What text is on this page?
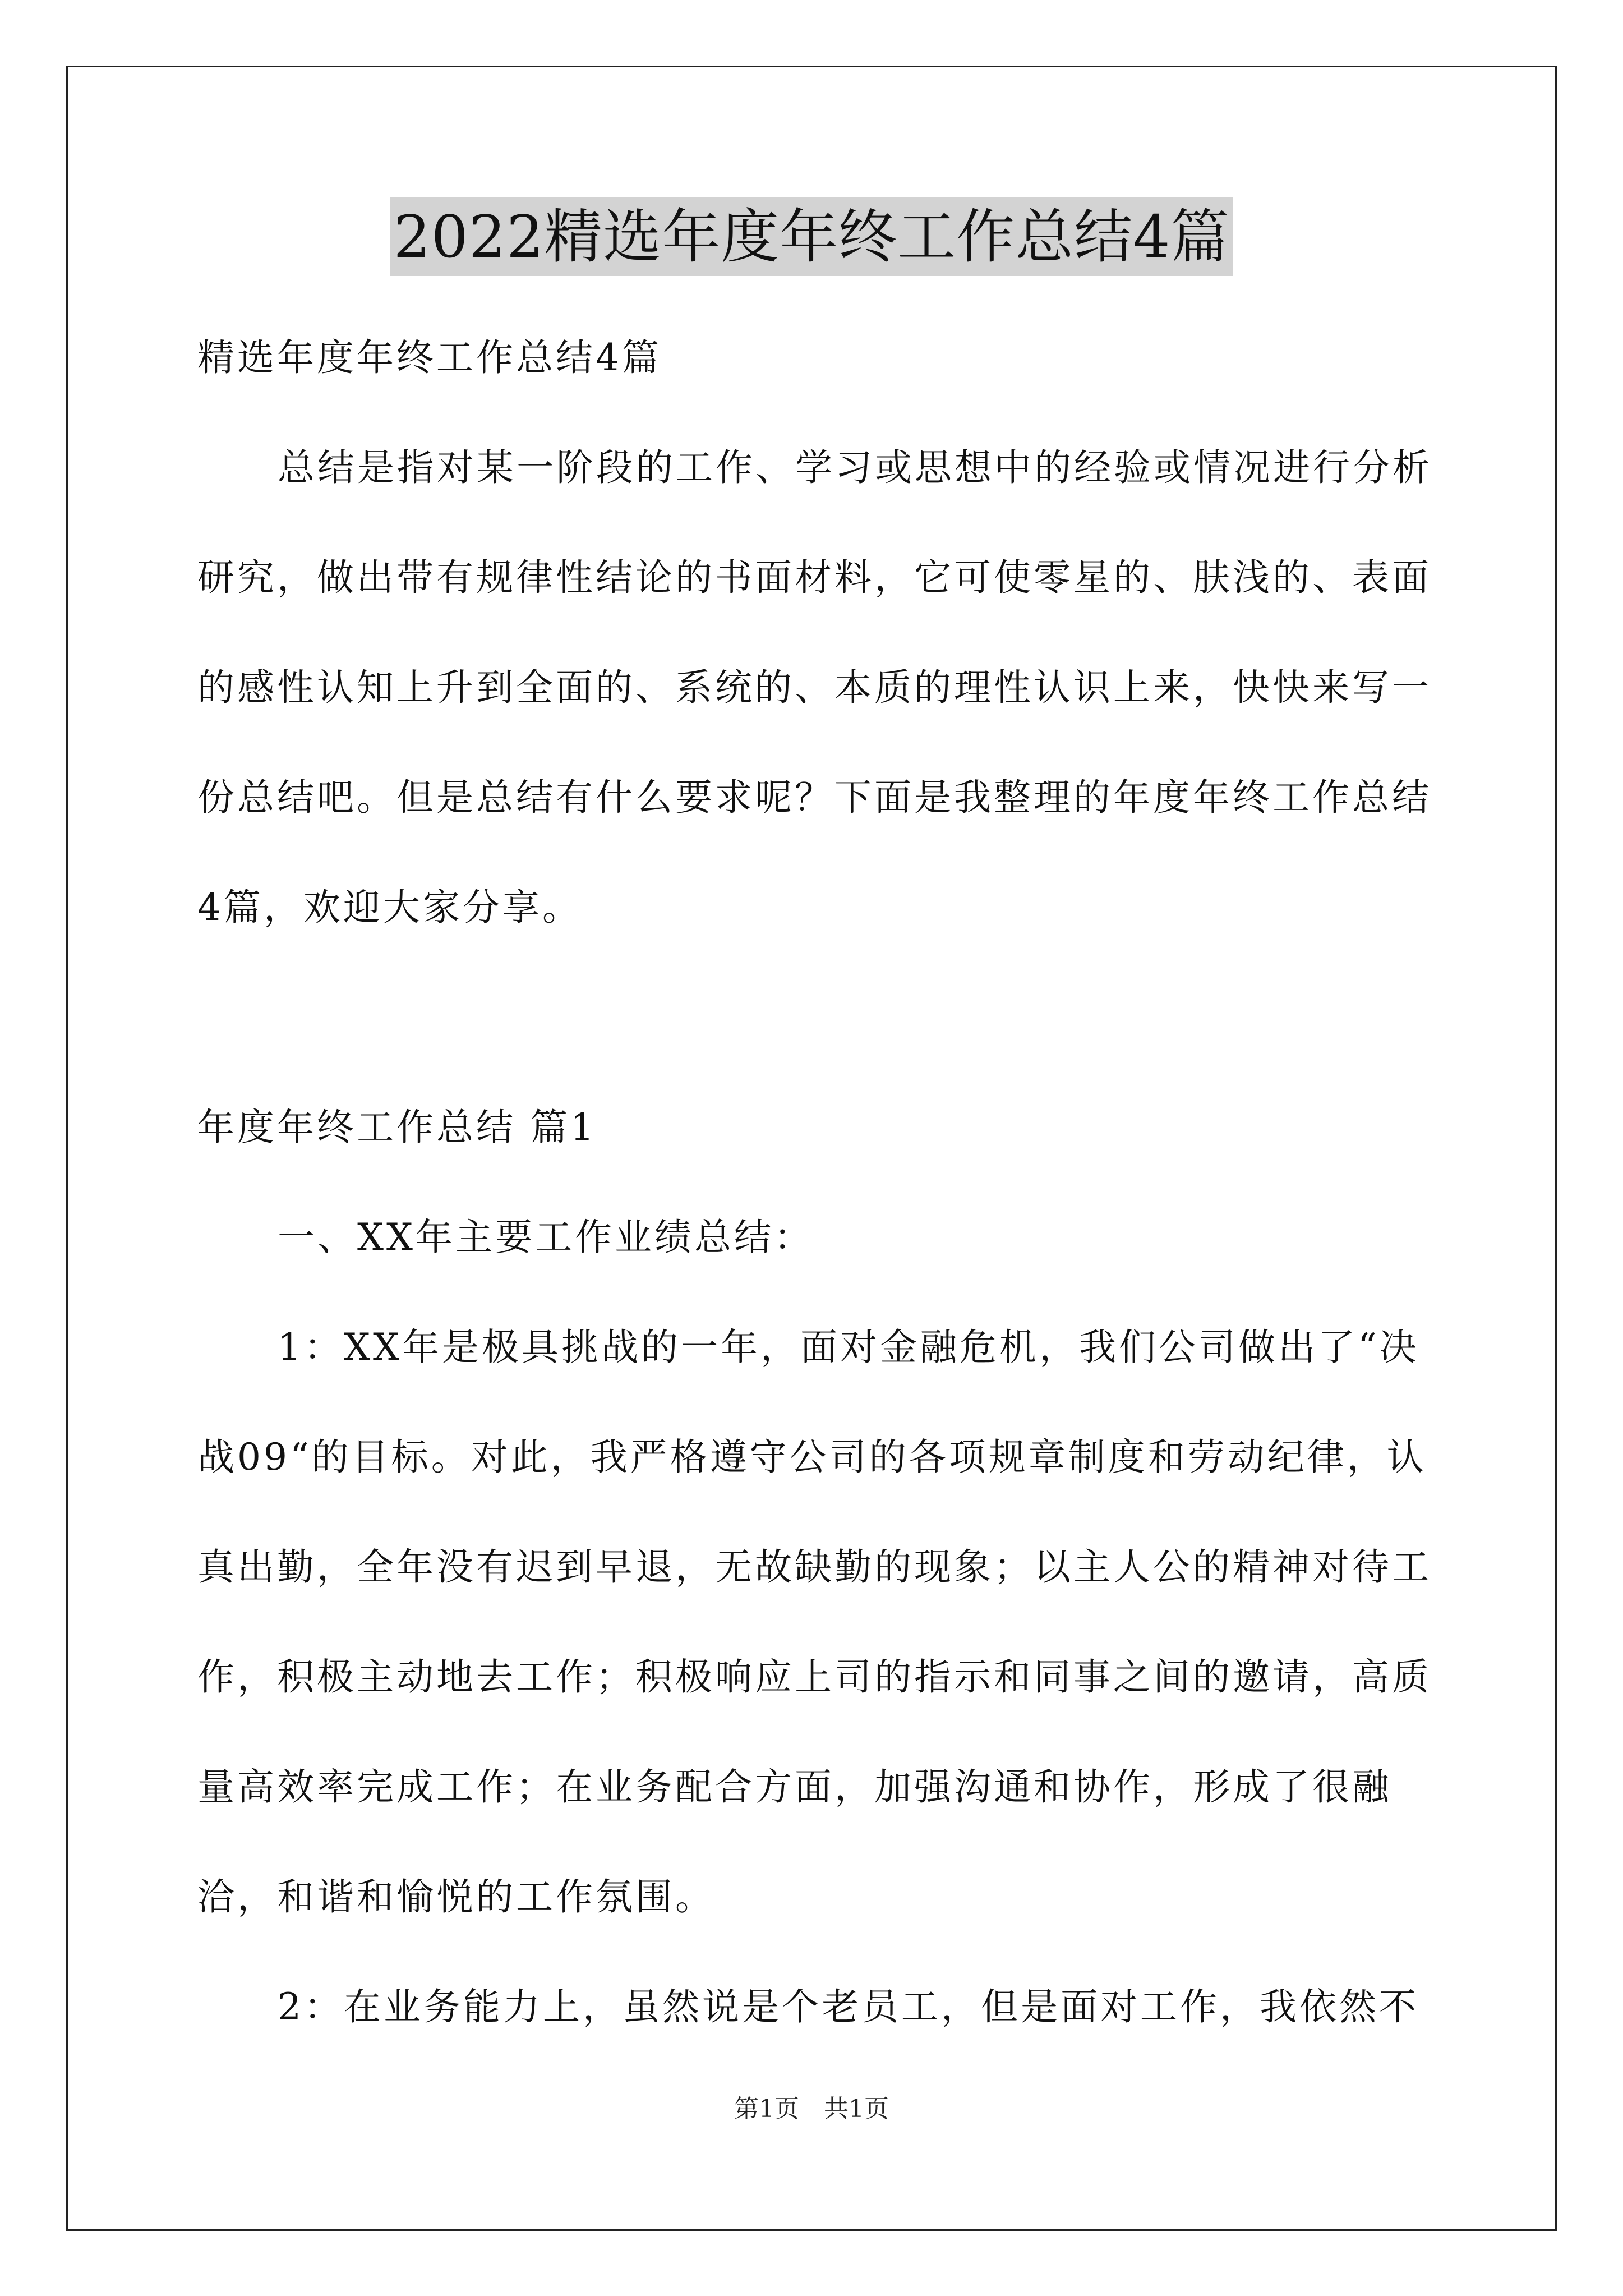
2022精选年度年终工作总结4篇

精选年度年终工作总结4篇

总结是指对某一阶段的工作、学习或思想中的经验或情况进行分析研究，做出带有规律性结论的书面材料，它可使零星的、肤浅的、表面的感性认知上升到全面的、系统的、本质的理性认识上来，快快来写一份总结吧。但是总结有什么要求呢？下面是我整理的年度年终工作总结4篇，欢迎大家分享。

年度年终工作总结 篇1

一、XX年主要工作业绩总结：

1：XX年是极具挑战的一年，面对金融危机，我们公司做出了“决战09“的目标。对此，我严格遵守公司的各项规章制度和劳动纪律，认真出勤，全年没有迟到早退，无故缺勤的现象；以主人公的精神对待工作，积极主动地去工作；积极响应上司的指示和同事之间的邀请，高质量高效率完成工作；在业务配合方面，加强沟通和协作，形成了很融洽，和谐和愉悦的工作氛围。

2：在业务能力上，虽然说是个老员工，但是面对工作，我依然不

第1页　共1页
